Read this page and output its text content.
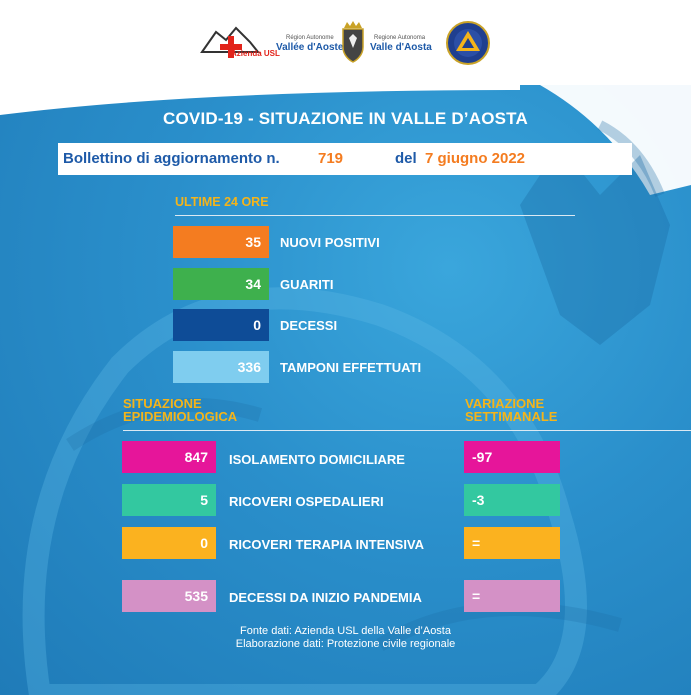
Azienda USL
Région Autonome
Vallée d'Aoste
Regione Autonoma
Valle d'Aosta
COVID-19 - SITUAZIONE IN VALLE D’AOSTA
Bollettino di aggiornamento n.	719	del 7 giugno 2022
ULTIME 24 ORE
35 NUOVI POSITIVI
34 GUARITI
0 DECESSI
336 TAMPONI EFFETTUATI
SITUAZIONE
EPIDEMIOLOGICA
VARIAZIONE
SETTIMANALE
847 ISOLAMENTO DOMICILIARE	-97
5 RICOVERI OSPEDALIERI	-3
0 RICOVERI TERAPIA INTENSIVA	=
535 DECESSI DA INIZIO PANDEMIA	=
Fonte dati: Azienda USL della Valle d’Aosta
Elaborazione dati: Protezione civile regionale
